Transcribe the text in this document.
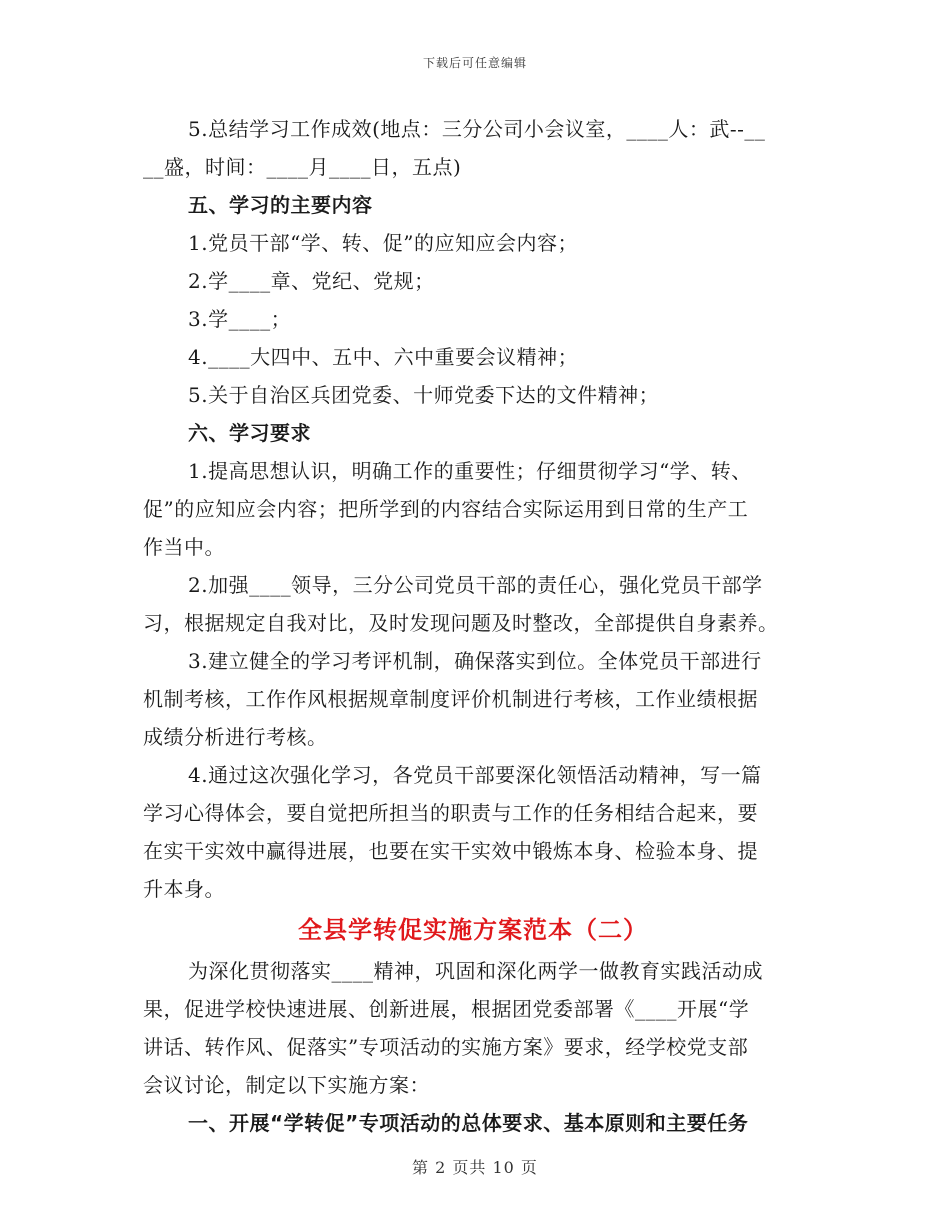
下载后可任意编辑
5.总结学习工作成效(地点：三分公司小会议室，____人：武--__
__盛，时间：____月____日，五点)
五、学习的主要内容
1.党员干部“学、转、促”的应知应会内容；
2.学____章、党纪、党规；
3.学____；
4.____大四中、五中、六中重要会议精神；
5.关于自治区兵团党委、十师党委下达的文件精神；
六、学习要求
1.提高思想认识，明确工作的重要性；仔细贯彻学习“学、转、
促”的应知应会内容；把所学到的内容结合实际运用到日常的生产工
作当中。
2.加强____领导，三分公司党员干部的责任心，强化党员干部学
习，根据规定自我对比，及时发现问题及时整改，全部提供自身素养。
3.建立健全的学习考评机制，确保落实到位。全体党员干部进行
机制考核，工作作风根据规章制度评价机制进行考核，工作业绩根据
成绩分析进行考核。
4.通过这次强化学习，各党员干部要深化领悟活动精神，写一篇
学习心得体会，要自觉把所担当的职责与工作的任务相结合起来，要
在实干实效中赢得进展，也要在实干实效中锻炼本身、检验本身、提
升本身。
全县学转促实施方案范本（二）
为深化贯彻落实____精神，巩固和深化两学一做教育实践活动成
果，促进学校快速进展、创新进展，根据团党委部署《____开展“学
讲话、转作风、促落实”专项活动的实施方案》要求，经学校党支部
会议讨论，制定以下实施方案：
一、开展“学转促”专项活动的总体要求、基本原则和主要任务
第 2 页共 10 页
